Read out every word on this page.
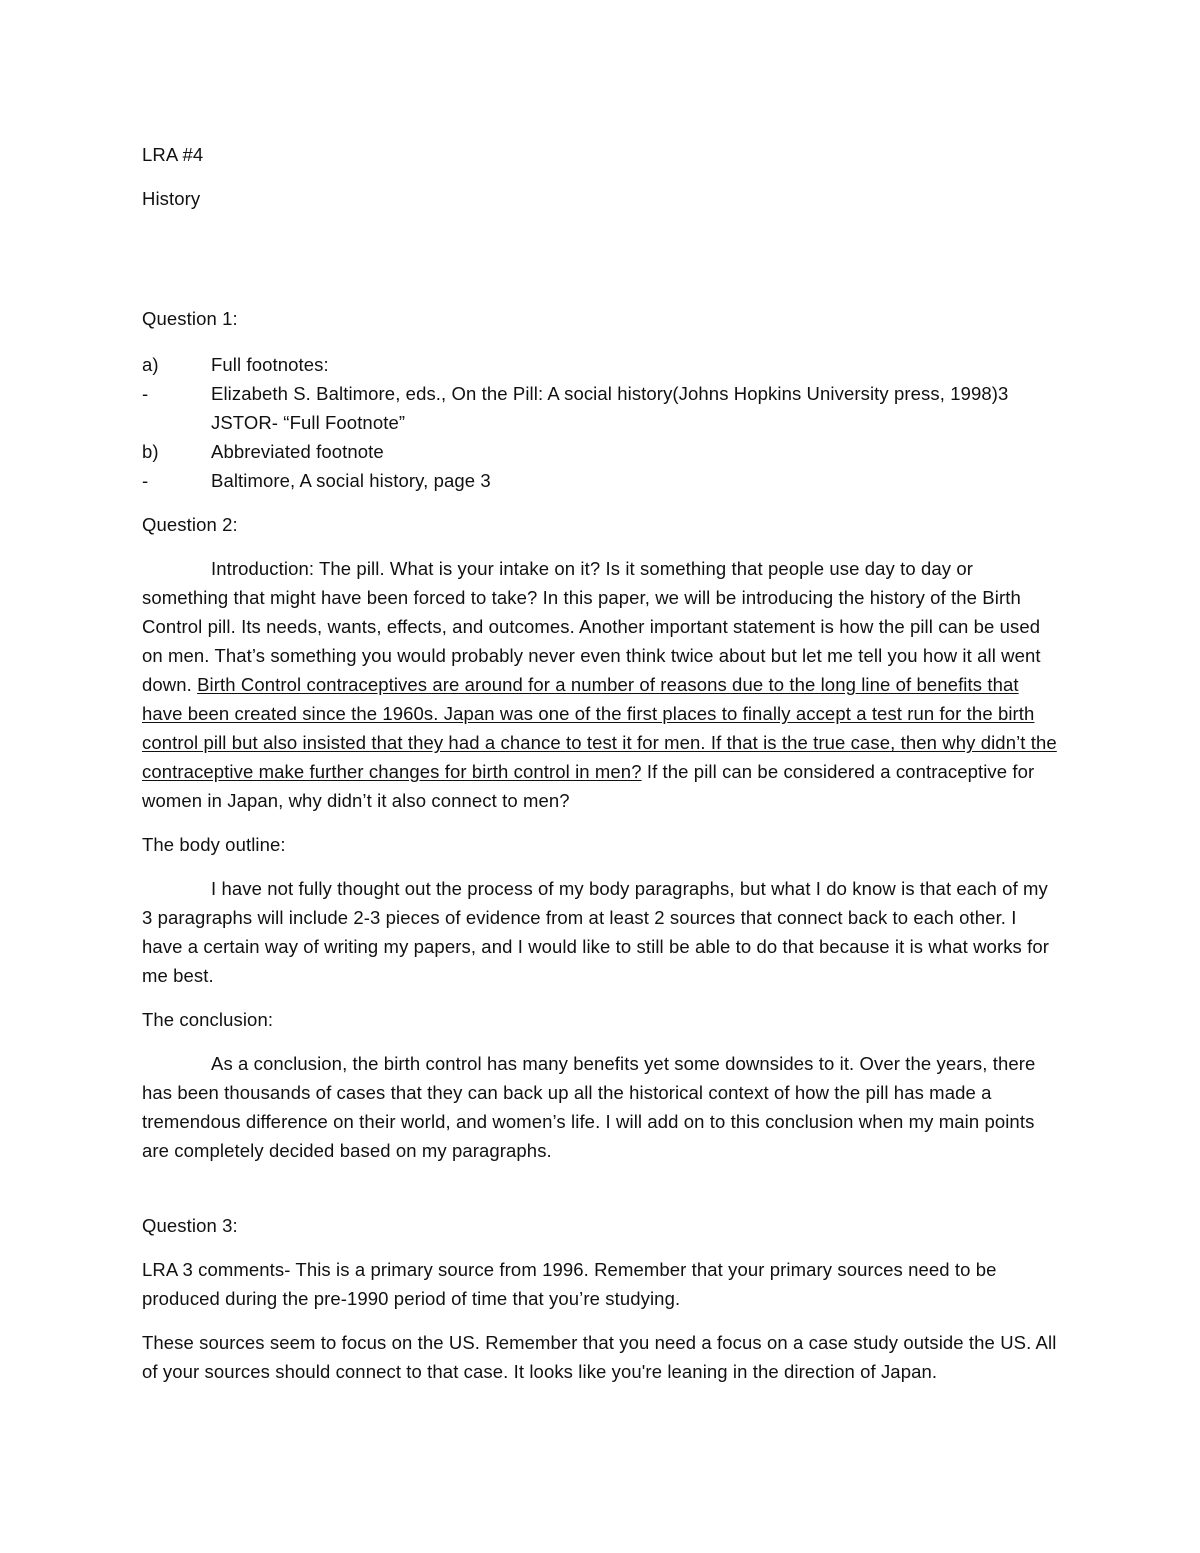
LRA #4

History

Question 1:

a)	Full footnotes:

-	Elizabeth S. Baltimore, eds., On the Pill: A social history(Johns Hopkins University press, 1998)3

JSTOR- “Full Footnote”

b)	Abbreviated footnote

-	Baltimore, A social history, page 3

Question 2:

Introduction: The pill. What is your intake on it? Is it something that people use day to day or something that might have been forced to take? In this paper, we will be introducing the history of the Birth Control pill. Its needs, wants, effects, and outcomes. Another important statement is how the pill can be used on men. That’s something you would probably never even think twice about but let me tell you how it all went down. Birth Control contraceptives are around for a number of reasons due to the long line of benefits that have been created since the 1960s. Japan was one of the first places to finally accept a test run for the birth control pill but also insisted that they had a chance to test it for men. If that is the true case, then why didn’t the contraceptive make further changes for birth control in men? If the pill can be considered a contraceptive for women in Japan, why didn’t it also connect to men?

The body outline:

I have not fully thought out the process of my body paragraphs, but what I do know is that each of my 3 paragraphs will include 2-3 pieces of evidence from at least 2 sources that connect back to each other. I have a certain way of writing my papers, and I would like to still be able to do that because it is what works for me best.

The conclusion:

As a conclusion, the birth control has many benefits yet some downsides to it. Over the years, there has been thousands of cases that they can back up all the historical context of how the pill has made a tremendous difference on their world, and women’s life. I will add on to this conclusion when my main points are completely decided based on my paragraphs.

Question 3:

LRA 3 comments- This is a primary source from 1996. Remember that your primary sources need to be produced during the pre-1990 period of time that you’re studying.

These sources seem to focus on the US. Remember that you need a focus on a case study outside the US. All of your sources should connect to that case. It looks like you're leaning in the direction of Japan.
